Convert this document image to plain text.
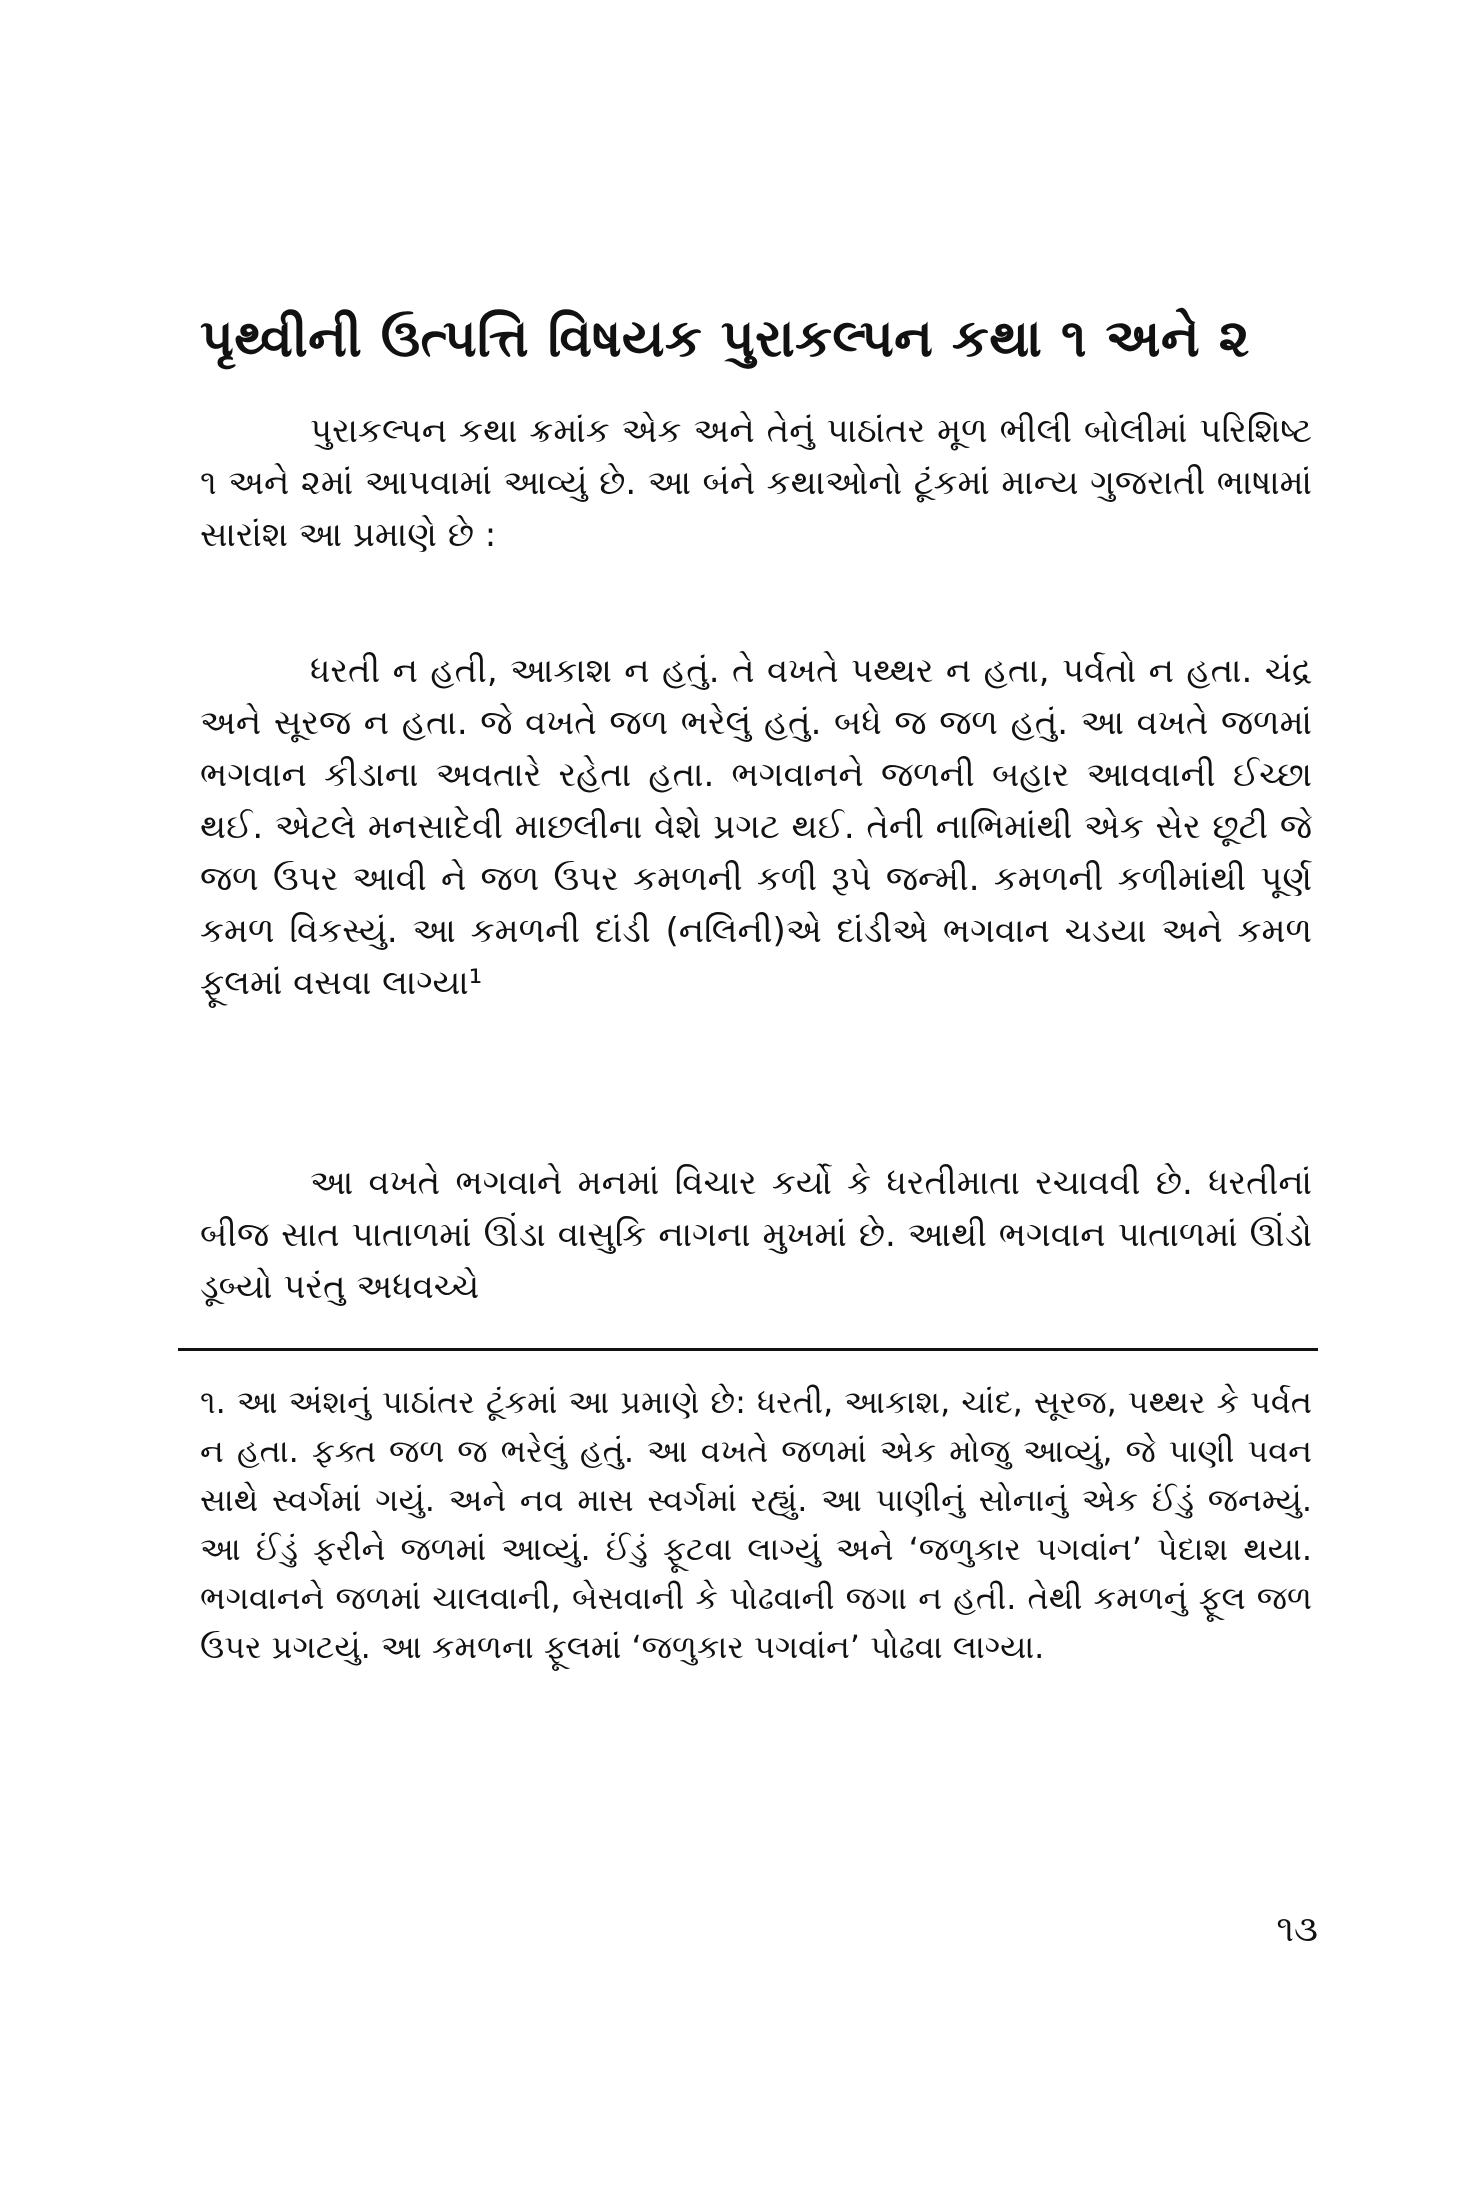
પૃથ્વીની ઉત્પત્તિ વિષયક પુરાકલ્પન કથા ૧ અને ૨

પુરાકલ્પન કથા ક્રમાંક એક અને તેનું પાઠાંતર મૂળ ભીલી બોલીમાં પરિશિષ્ટ ૧ અને ૨માં આપવામાં આવ્યું છે. આ બંને કથાઓનો ટૂંકમાં માન્ય ગુજરાતી ભાષામાં સારાંશ આ પ્રમાણે છે :

ધરતી ન હતી, આકાશ ન હતું. તે વખતે પથ્થર ન હતા, પર્વતો ન હતા. ચંદ્ર અને સૂરજ ન હતા. જે વખતે જળ ભરેલું હતું. બધે જ જળ હતું. આ વખતે જળમાં ભગવાન કીડાના અવતારે રહેતા હતા. ભગવાનને જળની બહાર આવવાની ઈચ્છા થઈ. એટલે મનસાદેવી માછલીના વેશે પ્રગટ થઈ. તેની નાભિમાંથી એક સેર છૂટી જે જળ ઉપર આવી ને જળ ઉપર કમળની કળી રૂપે જન્મી. કમળની કળીમાંથી પૂર્ણ કમળ વિકસ્યું. આ કમળની દાંડી (નલિની)એ દાંડીએ ભગવાન ચડયા અને કમળ ફૂલમાં વસવા લાગ્યા¹

આ વખતે ભગવાને મનમાં વિચાર કર્યો કે ધરતીમાતા રચાવવી છે. ધરતીનાં બીજ સાત પાતાળમાં ઊંડા વાસુકિ નાગના મુખમાં છે. આથી ભગવાન પાતાળમાં ઊંડો ડૂબ્યો પરંતુ અધવચ્ચે

૧. આ અંશનું પાઠાંતર ટૂંકમાં આ પ્રમાણે છે: ધરતી, આકાશ, ચાંદ, સૂરજ, પથ્થર કે પર્વત ન હતા. ફક્ત જળ જ ભરેલું હતું. આ વખતે જળમાં એક મોજુ આવ્યું, જે પાણી પવન સાથે સ્વર્ગમાં ગયું. અને નવ માસ સ્વર્ગમાં રહ્યું. આ પાણીનું સોનાનું એક ઈંડું જનમ્યું. આ ઈંડું ફરીને જળમાં આવ્યું. ઈંડું ફૂટવા લાગ્યું અને ‘જળુકાર પગવાંન’ પેદાશ થયા. ભગવાનને જળમાં ચાલવાની, બેસવાની કે પોઢવાની જગા ન હતી. તેથી કમળનું ફૂલ જળ ઉપર પ્રગટયું. આ કમળના ફૂલમાં ‘જળુકાર પગવાંન’ પોઢવા લાગ્યા.

૧૩
